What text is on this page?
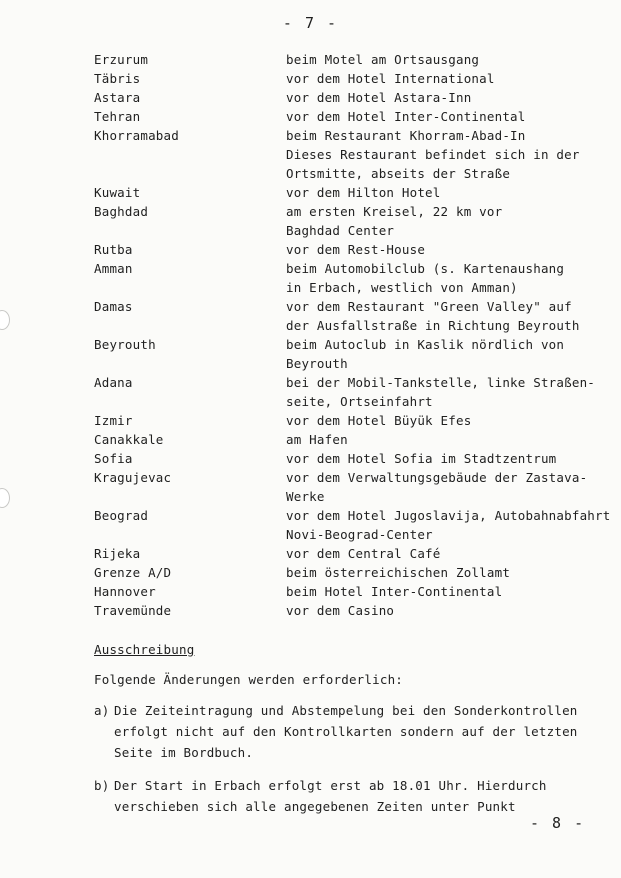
- 7 -
Erzurum	beim Motel am Ortsausgang
Täbris	vor dem Hotel International
Astara	vor dem Hotel Astara-Inn
Tehran	vor dem Hotel Inter-Continental
Khorramabad	beim Restaurant Khorram-Abad-In
Dieses Restaurant befindet sich in der
Ortsmitte, abseits der Straße
Kuwait	vor dem Hilton Hotel
Baghdad	am ersten Kreisel, 22 km vor
Baghdad Center
Rutba	vor dem Rest-House
Amman	beim Automobilclub (s. Kartenaushang
in Erbach, westlich von Amman)
Damas	vor dem Restaurant "Green Valley" auf
der Ausfallstraße in Richtung Beyrouth
Beyrouth	beim Autoclub in Kaslik nördlich von
Beyrouth
Adana	bei der Mobil-Tankstelle, linke Straßen-
seite, Ortseinfahrt
Izmir	vor dem Hotel Büyük Efes
Canakkale	am Hafen
Sofia	vor dem Hotel Sofia im Stadtzentrum
Kragujevac	vor dem Verwaltungsgebäude der Zastava-
Werke
Beograd	vor dem Hotel Jugoslavija, Autobahnabfahrt
Novi-Beograd-Center
Rijeka	vor dem Central Café
Grenze A/D	beim österreichischen Zollamt
Hannover	beim Hotel Inter-Continental
Travemünde	vor dem Casino
Ausschreibung
Folgende Änderungen werden erforderlich:
a) Die Zeiteintragung und Abstempelung bei den Sonderkontrollen
erfolgt nicht auf den Kontrollkarten sondern auf der letzten
Seite im Bordbuch.
b) Der Start in Erbach erfolgt erst ab 18.01 Uhr. Hierdurch
verschieben sich alle angegebenen Zeiten unter Punkt
- 8 -
